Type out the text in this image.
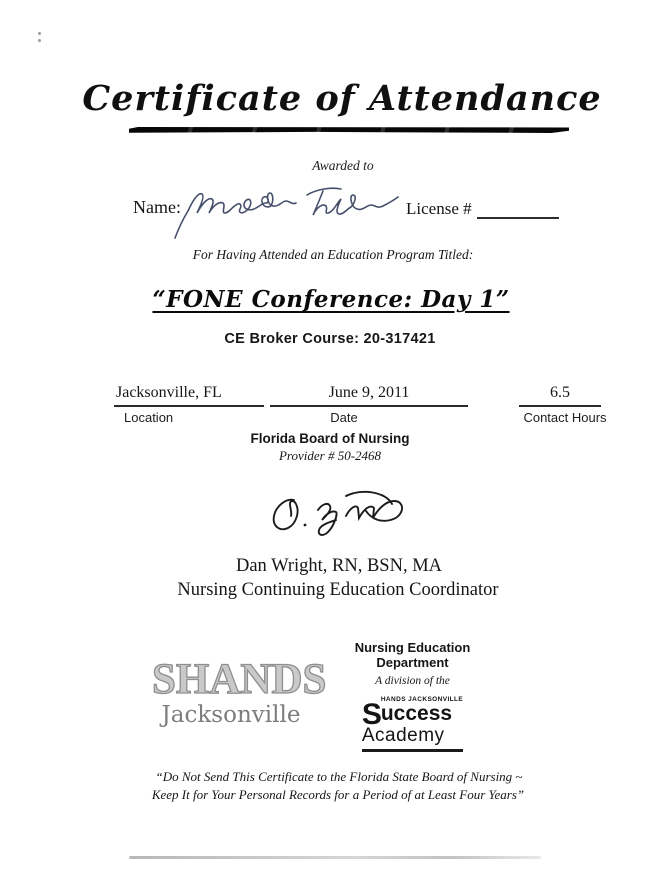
Certificate of Attendance
Awarded to
Name:	License #
For Having Attended an Education Program Titled:
“FONE Conference: Day 1”
CE Broker Course: 20-317421
Jacksonville, FL	June 9, 2011	6.5
Location	Date	Contact Hours
Florida Board of Nursing
Provider # 50-2468
Dan Wright, RN, BSN, MA
Nursing Continuing Education Coordinator
SHANDS
Jacksonville
Nursing Education Department
A division of the
S
HANDS JACKSONVILLE
uccess
Academy
“Do Not Send This Certificate to the Florida State Board of Nursing ~
Keep It for Your Personal Records for a Period of at Least Four Years”
